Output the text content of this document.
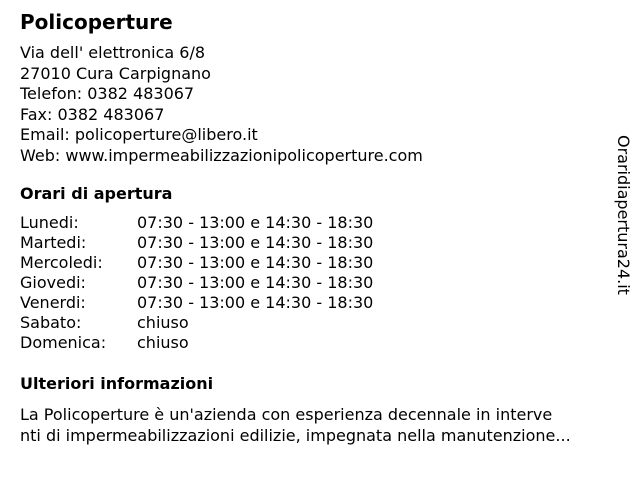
Policoperture
Via dell' elettronica 6/8
27010 Cura Carpignano
Telefon: 0382 483067
Fax: 0382 483067
Email: policoperture@libero.it
Web: www.impermeabilizzazionipolicoperture.com
Orari di apertura
Lunedi:	07:30 - 13:00 e 14:30 - 18:30
Martedi:	07:30 - 13:00 e 14:30 - 18:30
Mercoledi: 07:30 - 13:00 e 14:30 - 18:30
Giovedi:	07:30 - 13:00 e 14:30 - 18:30
Venerdi:	07:30 - 13:00 e 14:30 - 18:30
Sabato:	chiuso
Domenica: chiuso
Ulteriori informazioni
La Policoperture è un'azienda con esperienza decennale in interve
nti di impermeabilizzazioni edilizie, impegnata nella manutenzione...
Oraridiapertura24.it
